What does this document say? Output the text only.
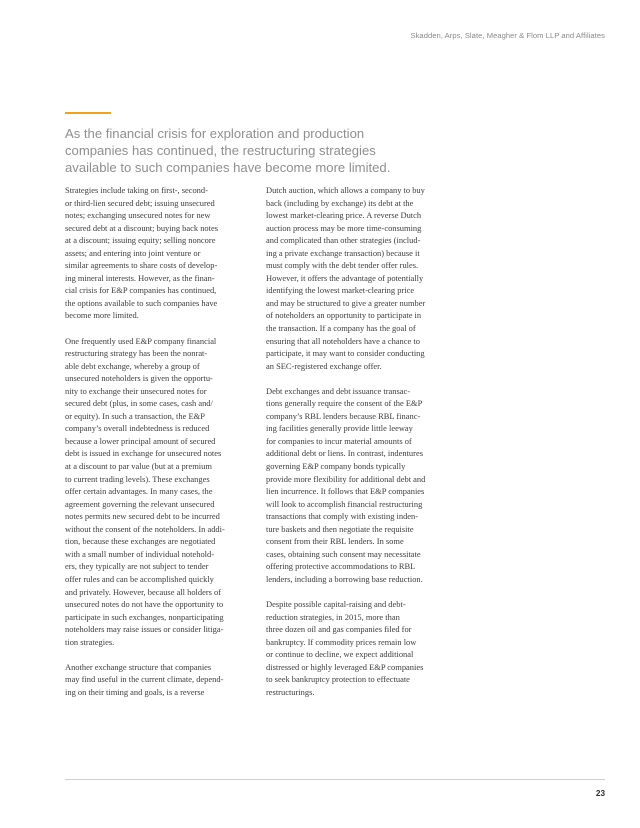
Skadden, Arps, Slate, Meagher & Flom LLP and Affiliates
As the financial crisis for exploration and production
companies has continued, the restructuring strategies
available to such companies have become more limited.
Strategies include taking on first-, second-
or third-lien secured debt; issuing unsecured
notes; exchanging unsecured notes for new
secured debt at a discount; buying back notes
at a discount; issuing equity; selling noncore
assets; and entering into joint venture or
similar agreements to share costs of develop-
ing mineral interests. However, as the finan-
cial crisis for E&P companies has continued,
the options available to such companies have
become more limited.
One frequently used E&P company financial
restructuring strategy has been the nonrat-
able debt exchange, whereby a group of
unsecured noteholders is given the opportu-
nity to exchange their unsecured notes for
secured debt (plus, in some cases, cash and/
or equity). In such a transaction, the E&P
company’s overall indebtedness is reduced
because a lower principal amount of secured
debt is issued in exchange for unsecured notes
at a discount to par value (but at a premium
to current trading levels). These exchanges
offer certain advantages. In many cases, the
agreement governing the relevant unsecured
notes permits new secured debt to be incurred
without the consent of the noteholders. In addi-
tion, because these exchanges are negotiated
with a small number of individual notehold-
ers, they typically are not subject to tender
offer rules and can be accomplished quickly
and privately. However, because all holders of
unsecured notes do not have the opportunity to
participate in such exchanges, nonparticipating
noteholders may raise issues or consider litiga-
tion strategies.
Another exchange structure that companies
may find useful in the current climate, depend-
ing on their timing and goals, is a reverse
Dutch auction, which allows a company to buy
back (including by exchange) its debt at the
lowest market-clearing price. A reverse Dutch
auction process may be more time-consuming
and complicated than other strategies (includ-
ing a private exchange transaction) because it
must comply with the debt tender offer rules.
However, it offers the advantage of potentially
identifying the lowest market-clearing price
and may be structured to give a greater number
of noteholders an opportunity to participate in
the transaction. If a company has the goal of
ensuring that all noteholders have a chance to
participate, it may want to consider conducting
an SEC-registered exchange offer.
Debt exchanges and debt issuance transac-
tions generally require the consent of the E&P
company’s RBL lenders because RBL financ-
ing facilities generally provide little leeway
for companies to incur material amounts of
additional debt or liens. In contrast, indentures
governing E&P company bonds typically
provide more flexibility for additional debt and
lien incurrence. It follows that E&P companies
will look to accomplish financial restructuring
transactions that comply with existing inden-
ture baskets and then negotiate the requisite
consent from their RBL lenders. In some
cases, obtaining such consent may necessitate
offering protective accommodations to RBL
lenders, including a borrowing base reduction.
Despite possible capital-raising and debt-
reduction strategies, in 2015, more than
three dozen oil and gas companies filed for
bankruptcy. If commodity prices remain low
or continue to decline, we expect additional
distressed or highly leveraged E&P companies
to seek bankruptcy protection to effectuate
restructurings.
23
